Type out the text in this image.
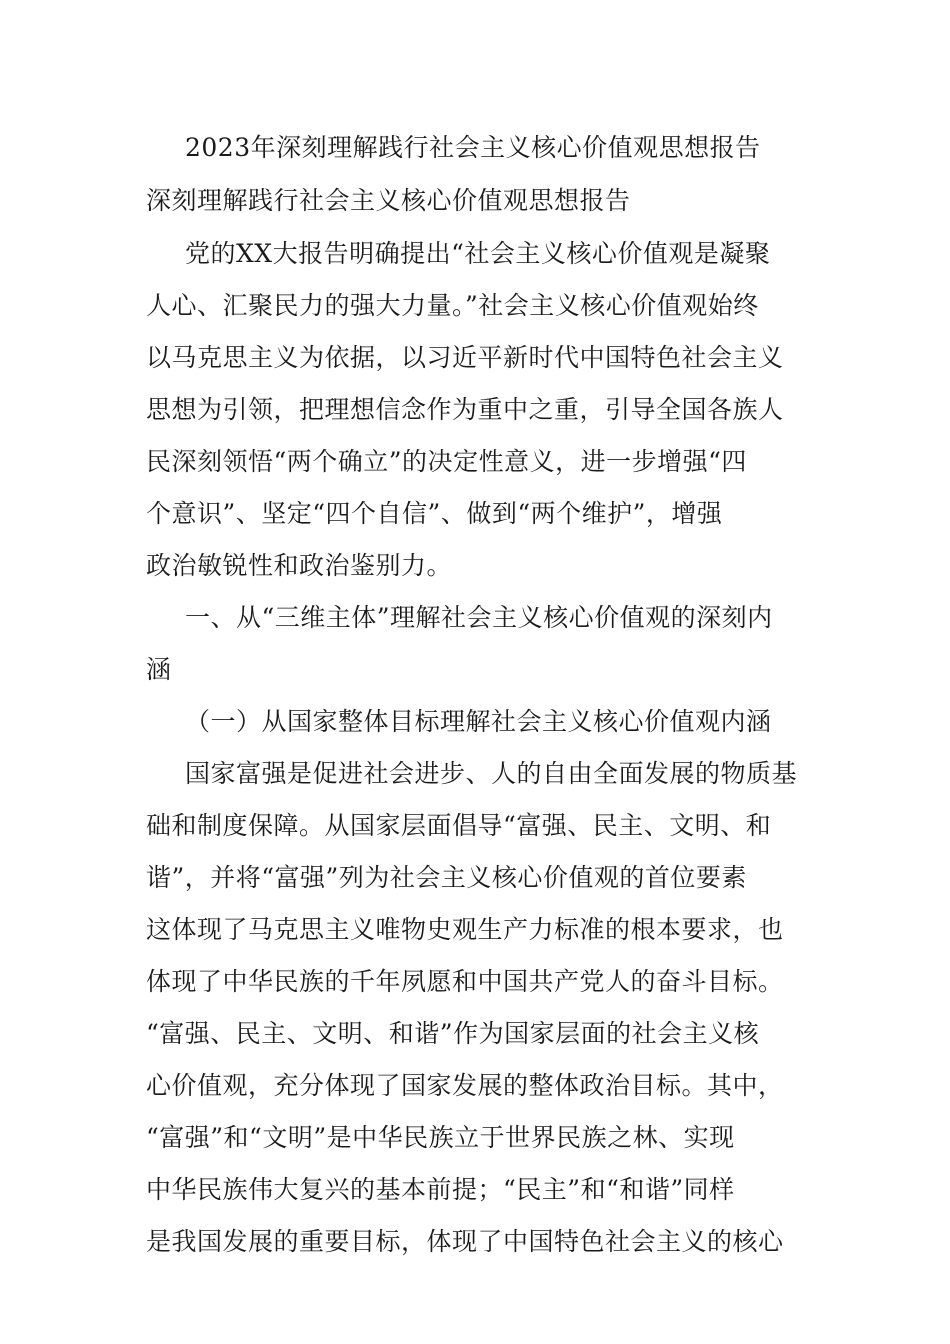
2023年深刻理解践行社会主义核心价值观思想报告
深刻理解践行社会主义核心价值观思想报告
党的XX大报告明确提出“社会主义核心价值观是凝聚
人心、汇聚民力的强大力量。”社会主义核心价值观始终
以马克思主义为依据，以习近平新时代中国特色社会主义
思想为引领，把理想信念作为重中之重，引导全国各族人
民深刻领悟“两个确立”的决定性意义，进一步增强“四
个意识”、坚定“四个自信”、做到“两个维护”，增强
政治敏锐性和政治鉴别力。
一、从“三维主体”理解社会主义核心价值观的深刻内
涵
（一）从国家整体目标理解社会主义核心价值观内涵
国家富强是促进社会进步、人的自由全面发展的物质基
础和制度保障。从国家层面倡导“富强、民主、文明、和
谐”，并将“富强”列为社会主义核心价值观的首位要素
这体现了马克思主义唯物史观生产力标准的根本要求，也
体现了中华民族的千年夙愿和中国共产党人的奋斗目标。
“富强、民主、文明、和谐”作为国家层面的社会主义核
心价值观，充分体现了国家发展的整体政治目标。其中，
“富强”和“文明”是中华民族立于世界民族之林、实现
中华民族伟大复兴的基本前提；“民主”和“和谐”同样
是我国发展的重要目标，体现了中国特色社会主义的核心
